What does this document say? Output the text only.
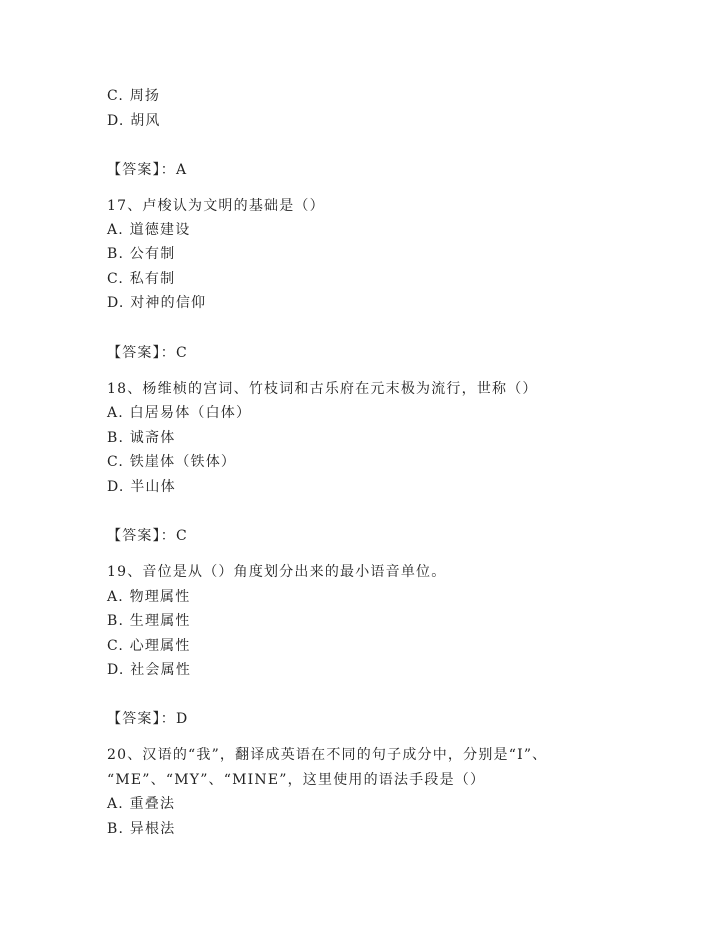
C. 周扬
D. 胡风
【答案】：A
17、卢梭认为文明的基础是（）
A. 道德建设
B. 公有制
C. 私有制
D. 对神的信仰
【答案】：C
18、杨维桢的宫词、竹枝词和古乐府在元末极为流行，世称（）
A. 白居易体（白体）
B. 诚斋体
C. 铁崖体（铁体）
D. 半山体
【答案】：C
19、音位是从（）角度划分出来的最小语音单位。
A. 物理属性
B. 生理属性
C. 心理属性
D. 社会属性
【答案】：D
20、汉语的“我”，翻译成英语在不同的句子成分中，分别是“I”、
“ME”、“MY”、“MINE”，这里使用的语法手段是（）
A. 重叠法
B. 异根法
